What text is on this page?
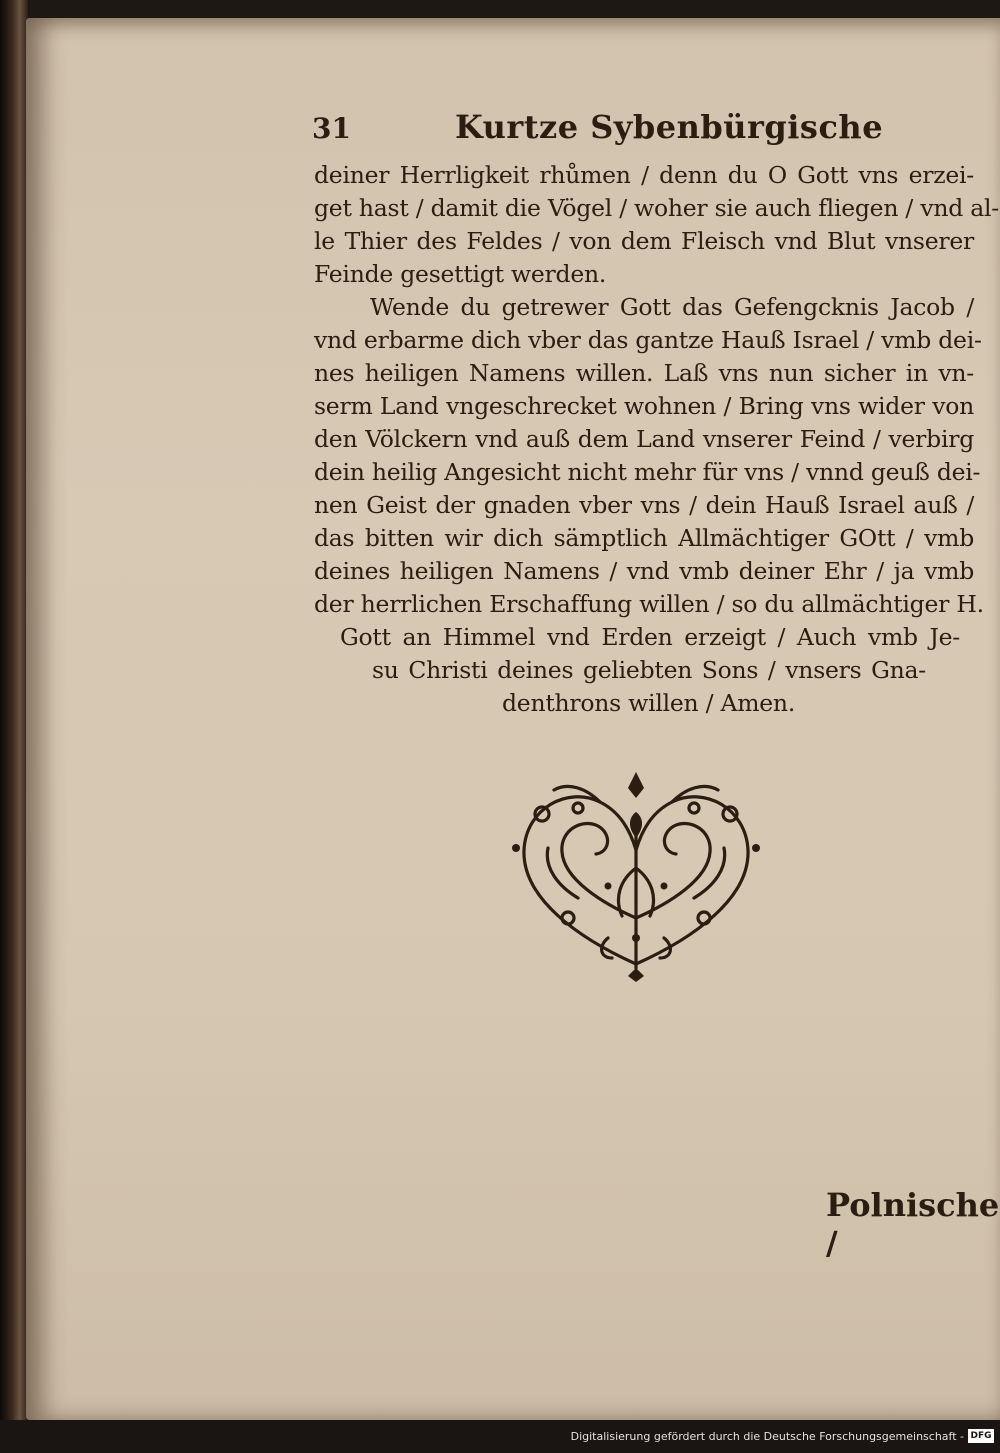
31	Kurtze Sybenbürgische
deiner Herrligkeit rhůmen / denn du O Gott vns erzei-
get hast / damit die Vögel / woher sie auch fliegen / vnd al-
le Thier des Feldes / von dem Fleisch vnd Blut vnserer
Feinde gesettigt werden.
Wende du getrewer Gott das Gefengcknis Jacob /
vnd erbarme dich vber das gantze Hauß Israel / vmb dei-
nes heiligen Namens willen. Laß vns nun sicher in vn-
serm Land vngeschrecket wohnen / Bring vns wider von
den Völckern vnd auß dem Land vnserer Feind / verbirg
dein heilig Angesicht nicht mehr für vns / vnnd geuß dei-
nen Geist der gnaden vber vns / dein Hauß Israel auß /
das bitten wir dich sämptlich Allmächtiger GOtt / vmb
deines heiligen Namens / vnd vmb deiner Ehr / ja vmb
der herrlichen Erschaffung willen / so du allmächtiger H.
Gott an Himmel vnd Erden erzeigt / Auch vmb Je-
su Christi deines geliebten Sons / vnsers Gna-
denthrons willen / Amen.
Polnische /
Digitalisierung gefördert durch die Deutsche Forschungsgemeinschaft - DFG
